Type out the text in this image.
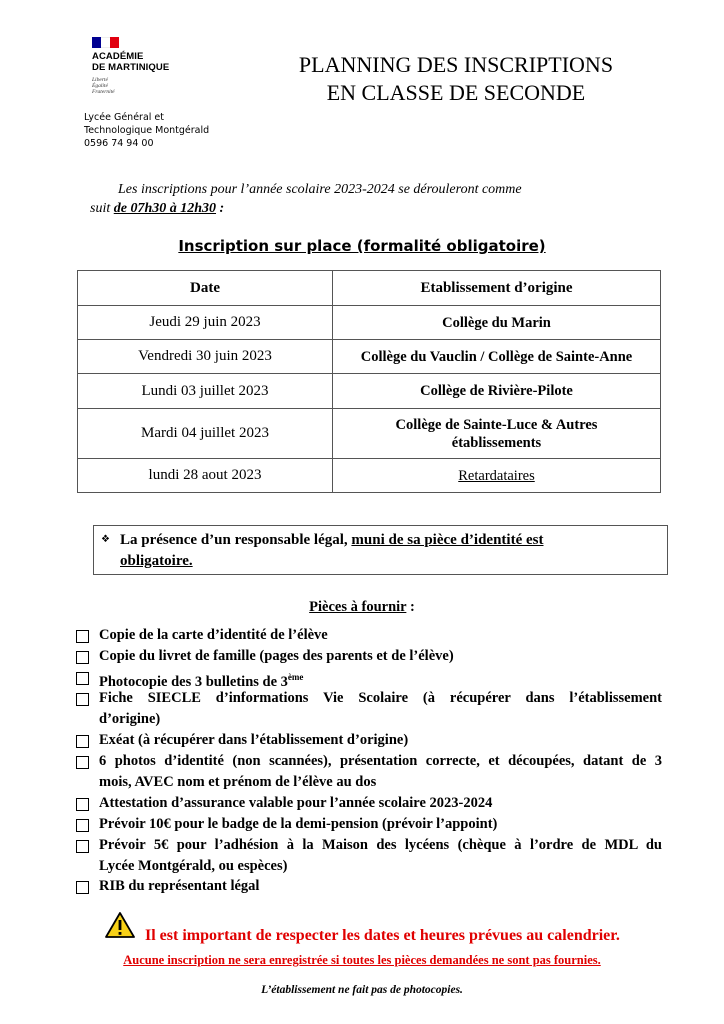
ACADÉMIE
DE MARTINIQUE
Liberté
Égalité
Fraternité
Lycée Général et
Technologique Montgérald
0596 74 94 00
PLANNING DES INSCRIPTIONS
EN CLASSE DE SECONDE
Les inscriptions pour l’année scolaire 2023-2024 se dérouleront comme
suit de 07h30 à 12h30 :
Inscription sur place (formalité obligatoire)
Date	Etablissement d’origine
Jeudi 29 juin 2023	Collège du Marin
Vendredi 30 juin 2023	Collège du Vauclin / Collège de Sainte-Anne
Lundi 03 juillet 2023	Collège de Rivière-Pilote
Mardi 04 juillet 2023	Collège de Sainte-Luce & Autres
établissements

lundi 28 aout 2023	Retardataires
❖ La présence d’un responsable légal, muni de sa pièce d’identité est
obligatoire.
Pièces à fournir :
Copie de la carte d’identité de l’élève
Copie du livret de famille (pages des parents et de l’élève)
Photocopie des 3 bulletins de 3ème
Fiche SIECLE d’informations Vie Scolaire (à récupérer dans l’établissement
d’origine)
Exéat (à récupérer dans l’établissement d’origine)
6 photos d’identité (non scannées), présentation correcte, et découpées, datant de 3
mois, AVEC nom et prénom de l’élève au dos
Attestation d’assurance valable pour l’année scolaire 2023-2024
Prévoir 10€ pour le badge de la demi-pension (prévoir l’appoint)
Prévoir 5€ pour l’adhésion à la Maison des lycéens (chèque à l’ordre de MDL du
Lycée Montgérald, ou espèces)
RIB du représentant légal
Il est important de respecter les dates et heures prévues au calendrier.
Aucune inscription ne sera enregistrée si toutes les pièces demandées ne sont pas fournies.
L’établissement ne fait pas de photocopies.
